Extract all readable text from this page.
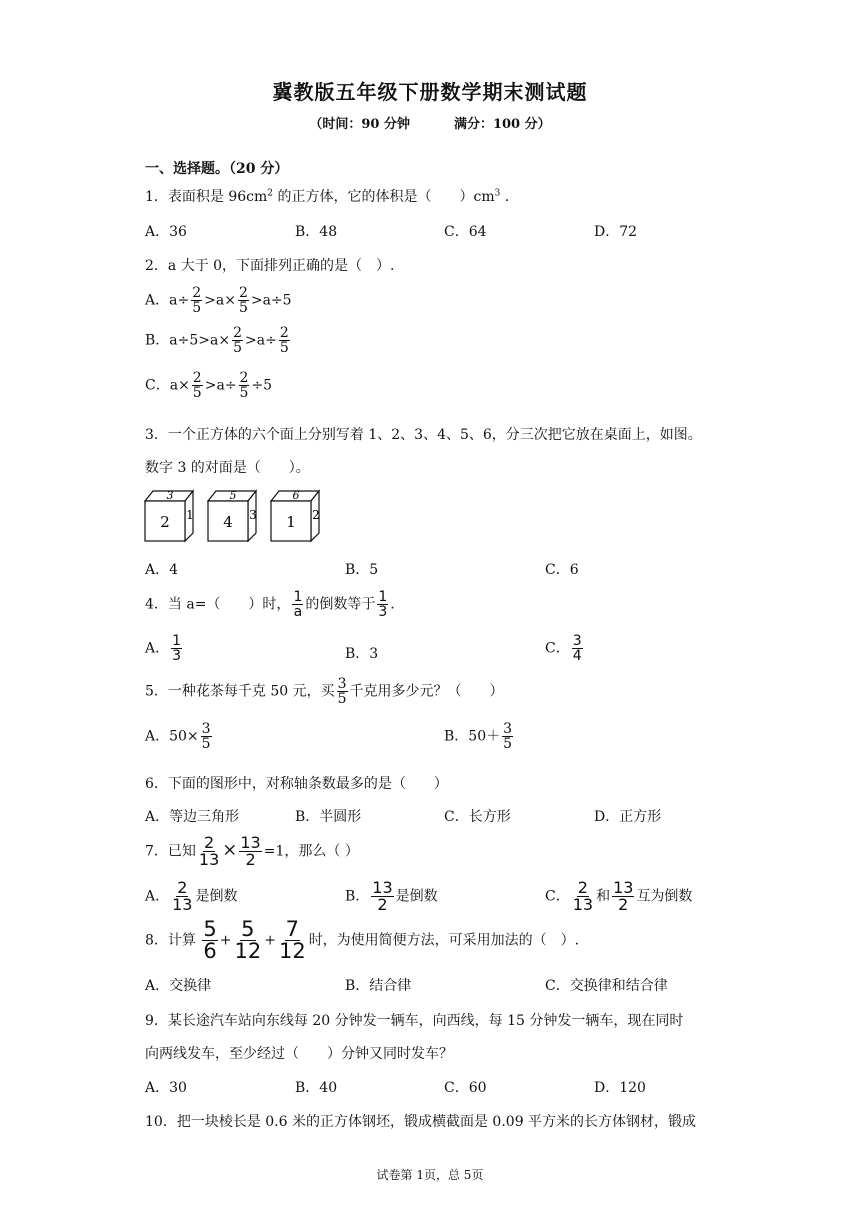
冀教版五年级下册数学期末测试题
（时间：90 分钟	满分：100 分）
一、选择题。（20 分）
1．表面积是 $96cm^2$ 的正方体，它的体积是（　　）$cm^3$ ．
A．36	B．48	C．64	D．72
2．a 大于 0，下面排列正确的是（　）.
A．$a\div \frac{2}{5} >a\times \frac{2}{5} >a\div 5$
B．$a\div 5>a\times \frac{2}{5} >a\div \frac{2}{5}$
C．$a\times \frac{2}{5} >a\div \frac{2}{5} \div 5$
3．一个正方体的六个面上分别写着 1、2、3、4、5、6，分三次把它放在桌面上，如图。
数字 3 的对面是（　　）。
2
3
1 4
5
3 1
6
2
A．4	B．5	C．6
4．当 a=（　　）时， $\frac{1}{a}$ 的倒数等于 $\frac{1}{3}$ .
A． $\frac{1}{3}$	B．3	C． $\frac{3}{4}$
5．一种花茶每千克 50 元，买 $\frac{3}{5}$ 千克用多少元？（　　）
A．$50\times \frac{3}{5}$	B．$50+ \frac{3}{5}$
6．下面的图形中，对称轴条数最多的是（　　）
A．等边三角形	B．半圆形	C．长方形	D．正方形
7．已知 $\frac{2}{13} \times \frac{13}{2} =1$，那么（ ）
A． $\frac{2}{13}$ 是倒数	B． $\frac{13}{2}$ 是倒数	C． $\frac{2}{13}$ 和 $\frac{13}{2}$ 互为倒数
8．计算 $\frac{5}{6} + \frac{5}{12} + \frac{7}{12}$ 时，为使用简便方法，可采用加法的（　）.
A．交换律	B．结合律	C．交换律和结合律
9．某长途汽车站向东线每 20 分钟发一辆车，向西线，每 15 分钟发一辆车，现在同时
向两线发车，至少经过（　　）分钟又同时发车？
A．30	B．40	C．60	D．120
10．把一块棱长是 0.6 米的正方体钢坯，锻成横截面是 0.09 平方米的长方体钢材，锻成
试卷第 1页，总 5页
